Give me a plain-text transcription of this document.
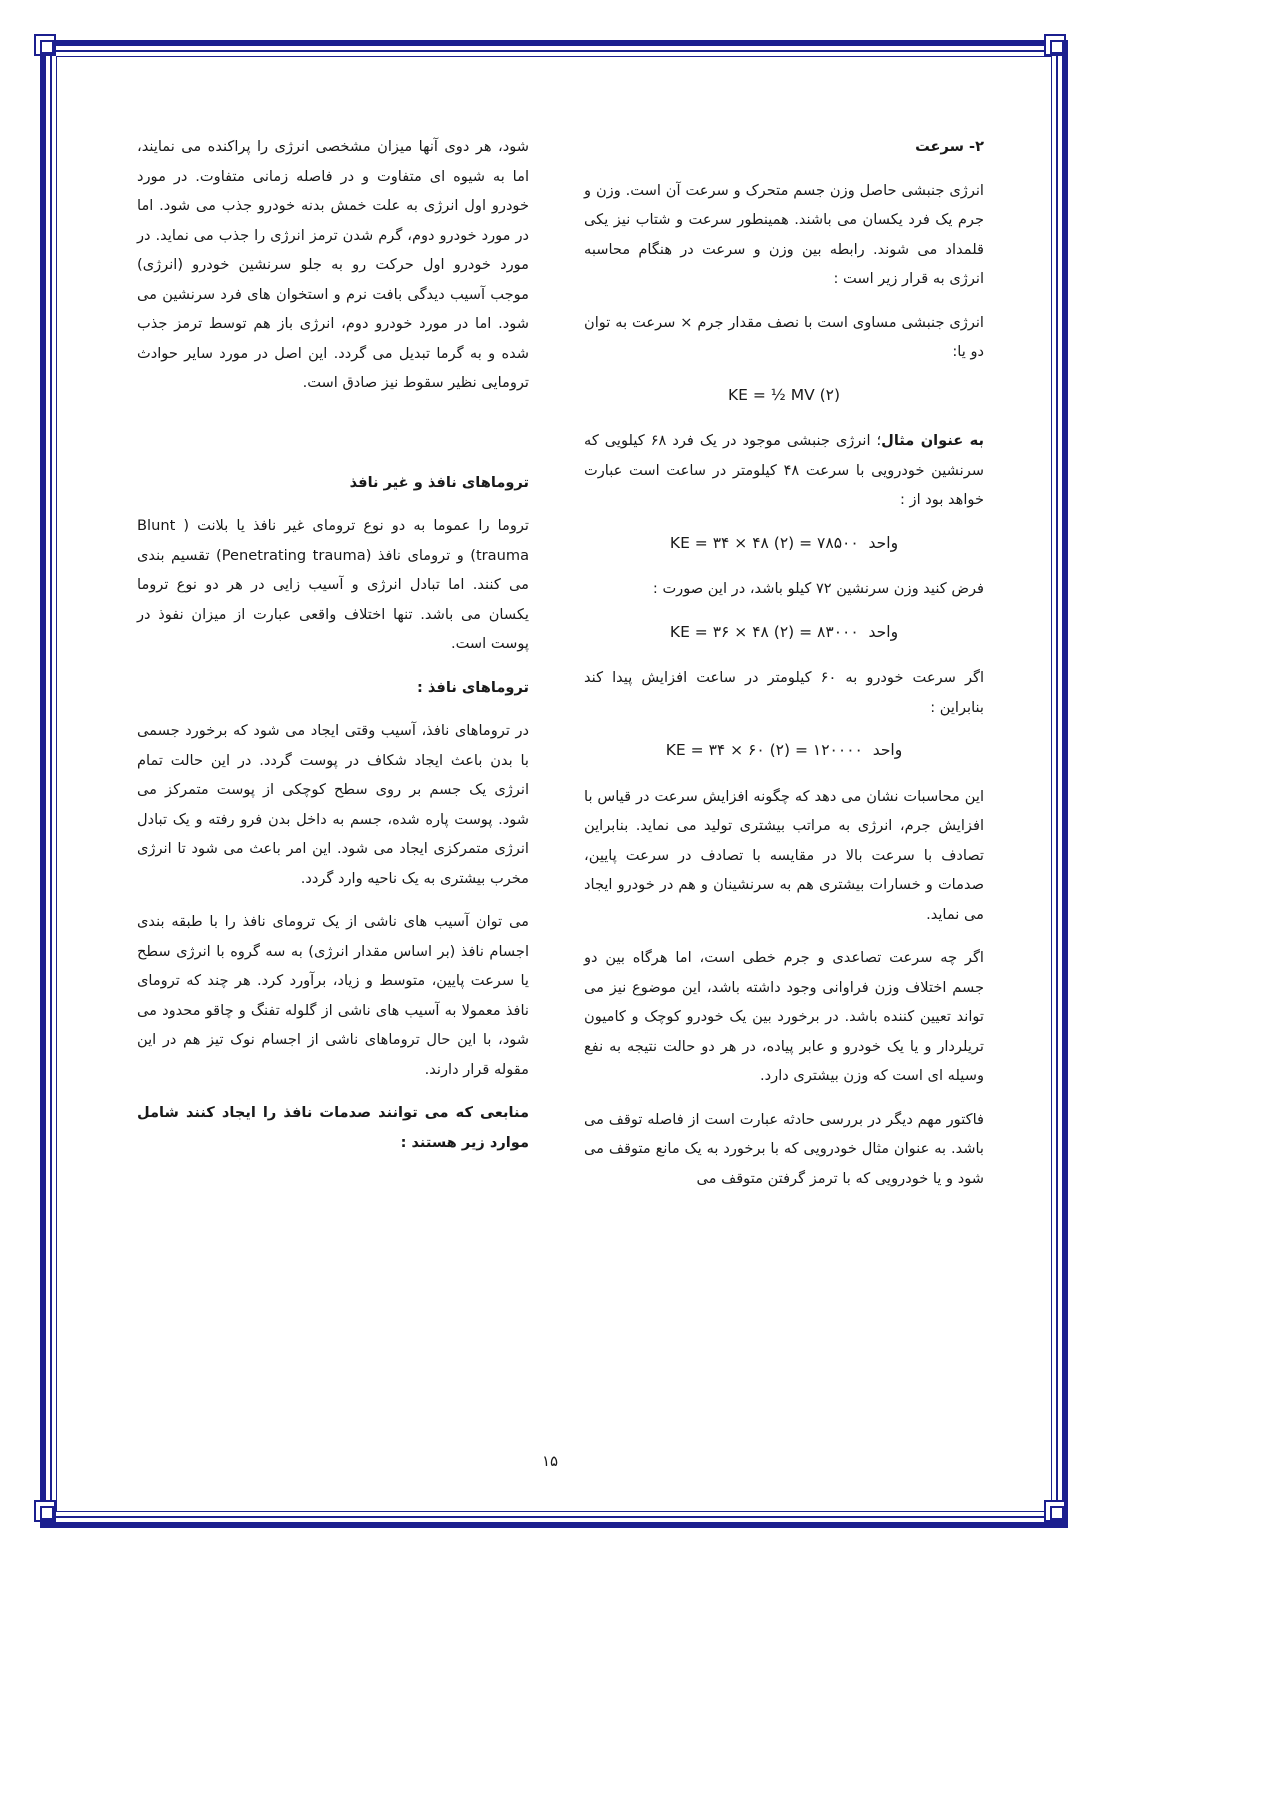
۲- سرعت

انرژی جنبشی حاصل وزن جسم متحرک و سرعت آن است. وزن و جرم یک فرد یکسان می باشند. همینطور سرعت و شتاب نیز یکی قلمداد می شوند. رابطه بین وزن و سرعت در هنگام محاسبه انرژی به قرار زیر است :

انرژی جنبشی مساوی است با نصف مقدار جرم × سرعت به توان دو یا:

KE = ½ MV (۲)

به عنوان مثال؛ انرژی جنبشی موجود در یک فرد ۶۸ کیلویی که سرنشین خودرویی با سرعت ۴۸ کیلومتر در ساعت است عبارت خواهد بود از :

KE = ۳۴ × ۴۸ (۲) = ۷۸۵۰۰ واحد

فرض کنید وزن سرنشین ۷۲ کیلو باشد، در این صورت :

KE = ۳۶ × ۴۸ (۲) = ۸۳۰۰۰ واحد

اگر سرعت خودرو به ۶۰ کیلومتر در ساعت افزایش پیدا کند بنابراین :

KE = ۳۴ × ۶۰ (۲) = ۱۲۰۰۰۰ واحد

این محاسبات نشان می دهد که چگونه افزایش سرعت در قیاس با افزایش جرم، انرژی به مراتب بیشتری تولید می نماید. بنابراین تصادف با سرعت بالا در مقایسه با تصادف در سرعت پایین، صدمات و خسارات بیشتری هم به سرنشینان و هم در خودرو ایجاد می نماید.

اگر چه سرعت تصاعدی و جرم خطی است، اما هرگاه بین دو جسم اختلاف وزن فراوانی وجود داشته باشد، این موضوع نیز می تواند تعیین کننده باشد. در برخورد بین یک خودرو کوچک و کامیون تریلردار و یا یک خودرو و عابر پیاده، در هر دو حالت نتیجه به نفع وسیله ای است که وزن بیشتری دارد.

فاکتور مهم دیگر در بررسی حادثه عبارت است از فاصله توقف می باشد. به عنوان مثال خودرویی که با برخورد به یک مانع متوقف می شود و یا خودرویی که با ترمز گرفتن متوقف می

شود، هر دوی آنها میزان مشخصی انرژی را پراکنده می نمایند، اما به شیوه ای متفاوت و در فاصله زمانی متفاوت. در مورد خودرو اول انرژی به علت خمش بدنه خودرو جذب می شود. اما در مورد خودرو دوم، گرم شدن ترمز انرژی را جذب می نماید. در مورد خودرو اول حرکت رو به جلو سرنشین خودرو (انرژی) موجب آسیب دیدگی بافت نرم و استخوان های فرد سرنشین می شود. اما در مورد خودرو دوم، انرژی باز هم توسط ترمز جذب شده و به گرما تبدیل می گردد. این اصل در مورد سایر حوادث ترومایی نظیر سقوط نیز صادق است.

تروماهای نافذ و غیر نافذ

تروما را عموما به دو نوع ترومای غیر نافذ یا بلانت ( Blunt trauma) و ترومای نافذ (Penetrating trauma) تقسیم بندی می کنند. اما تبادل انرژی و آسیب زایی در هر دو نوع تروما یکسان می باشد. تنها اختلاف واقعی عبارت از میزان نفوذ در پوست است.

تروماهای نافذ :

در تروماهای نافذ، آسیب وقتی ایجاد می شود که برخورد جسمی با بدن باعث ایجاد شکاف در پوست گردد. در این حالت تمام انرژی یک جسم بر روی سطح کوچکی از پوست متمرکز می شود. پوست پاره شده، جسم به داخل بدن فرو رفته و یک تبادل انرژی متمرکزی ایجاد می شود. این امر باعث می شود تا انرژی مخرب بیشتری به یک ناحیه وارد گردد.

می توان آسیب های ناشی از یک ترومای نافذ را با طبقه بندی اجسام نافذ (بر اساس مقدار انرژی) به سه گروه با انرژی سطح یا سرعت پایین، متوسط و زیاد، برآورد کرد. هر چند که ترومای نافذ معمولا به آسیب های ناشی از گلوله تفنگ و چاقو محدود می شود، با این حال تروماهای ناشی از اجسام نوک تیز هم در این مقوله قرار دارند.

منابعی که می توانند صدمات نافذ را ایجاد کنند شامل موارد زیر هستند :
۱۵
